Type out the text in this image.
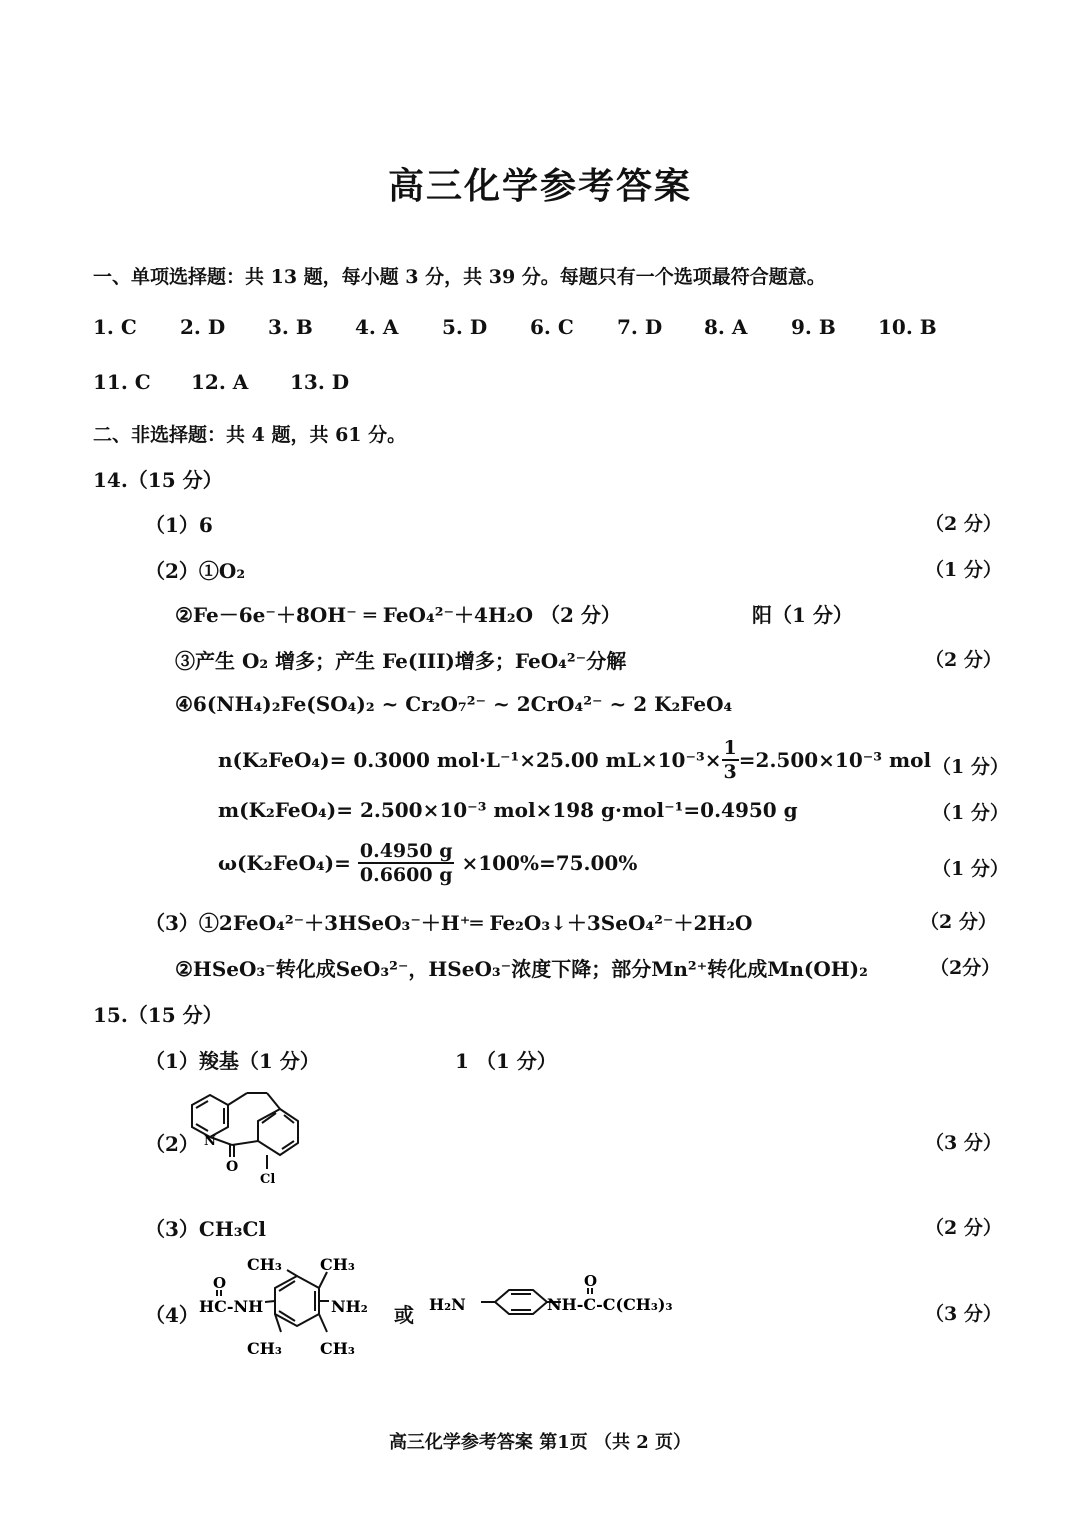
高三化学参考答案
一、单项选择题：共 13 题，每小题 3 分，共 39 分。每题只有一个选项最符合题意。
1. C 2. D 3. B 4. A 5. D 6. C 7. D 8. A 9. B 10. B
11. C 12. A 13. D
二、非选择题：共 4 题，共 61 分。
14.（15 分）
（1）6	（2 分）
（2）①O₂	（1 分）
②Fe－6e⁻＋8OH⁻ ═ FeO₄²⁻＋4H₂O （2 分）	阳（1 分）
③产生 O₂ 增多；产生 Fe(III)增多；FeO₄²⁻分解	（2 分）
④6(NH₄)₂Fe(SO₄)₂ ~ Cr₂O₇²⁻ ~ 2CrO₄²⁻ ~ 2 K₂FeO₄
n(K₂FeO₄)= 0.3000 mol·L⁻¹×25.00 $mL\times 10^{-3}\times \frac{1}{3} =2.500\times 10^{-3}$ mol （1 分）
m(K₂FeO₄)= 2.500×10⁻³ mol×198 g·mol⁻¹=0.4950 g	（1 分）
$\omega(K_2FeO_4)= \frac{0.4950 g}{0.6600 g} \times 100\%=75.00\%$	（1 分）
（3）①2FeO₄²⁻＋3HSeO₃⁻＋H⁺═ Fe₂O₃↓＋3SeO₄²⁻＋2H₂O	（2 分）
②HSeO₃⁻转化成SeO₃²⁻，HSeO₃⁻浓度下降；部分Mn²⁺转化成Mn(OH)₂	（2分）
15.（15 分）
（1）羧基（1 分）	1 （1 分）
（2） N
O
Cl
（3 分）
（3）CH₃Cl	（2 分）
（4）
O
HC-NH	NH₂
CH₃ CH₃
CH₃ CH₃
或 H₂N	NH-C-C(CH₃)₃
O
（3 分）
高三化学参考答案 第1页 （共 2 页）
